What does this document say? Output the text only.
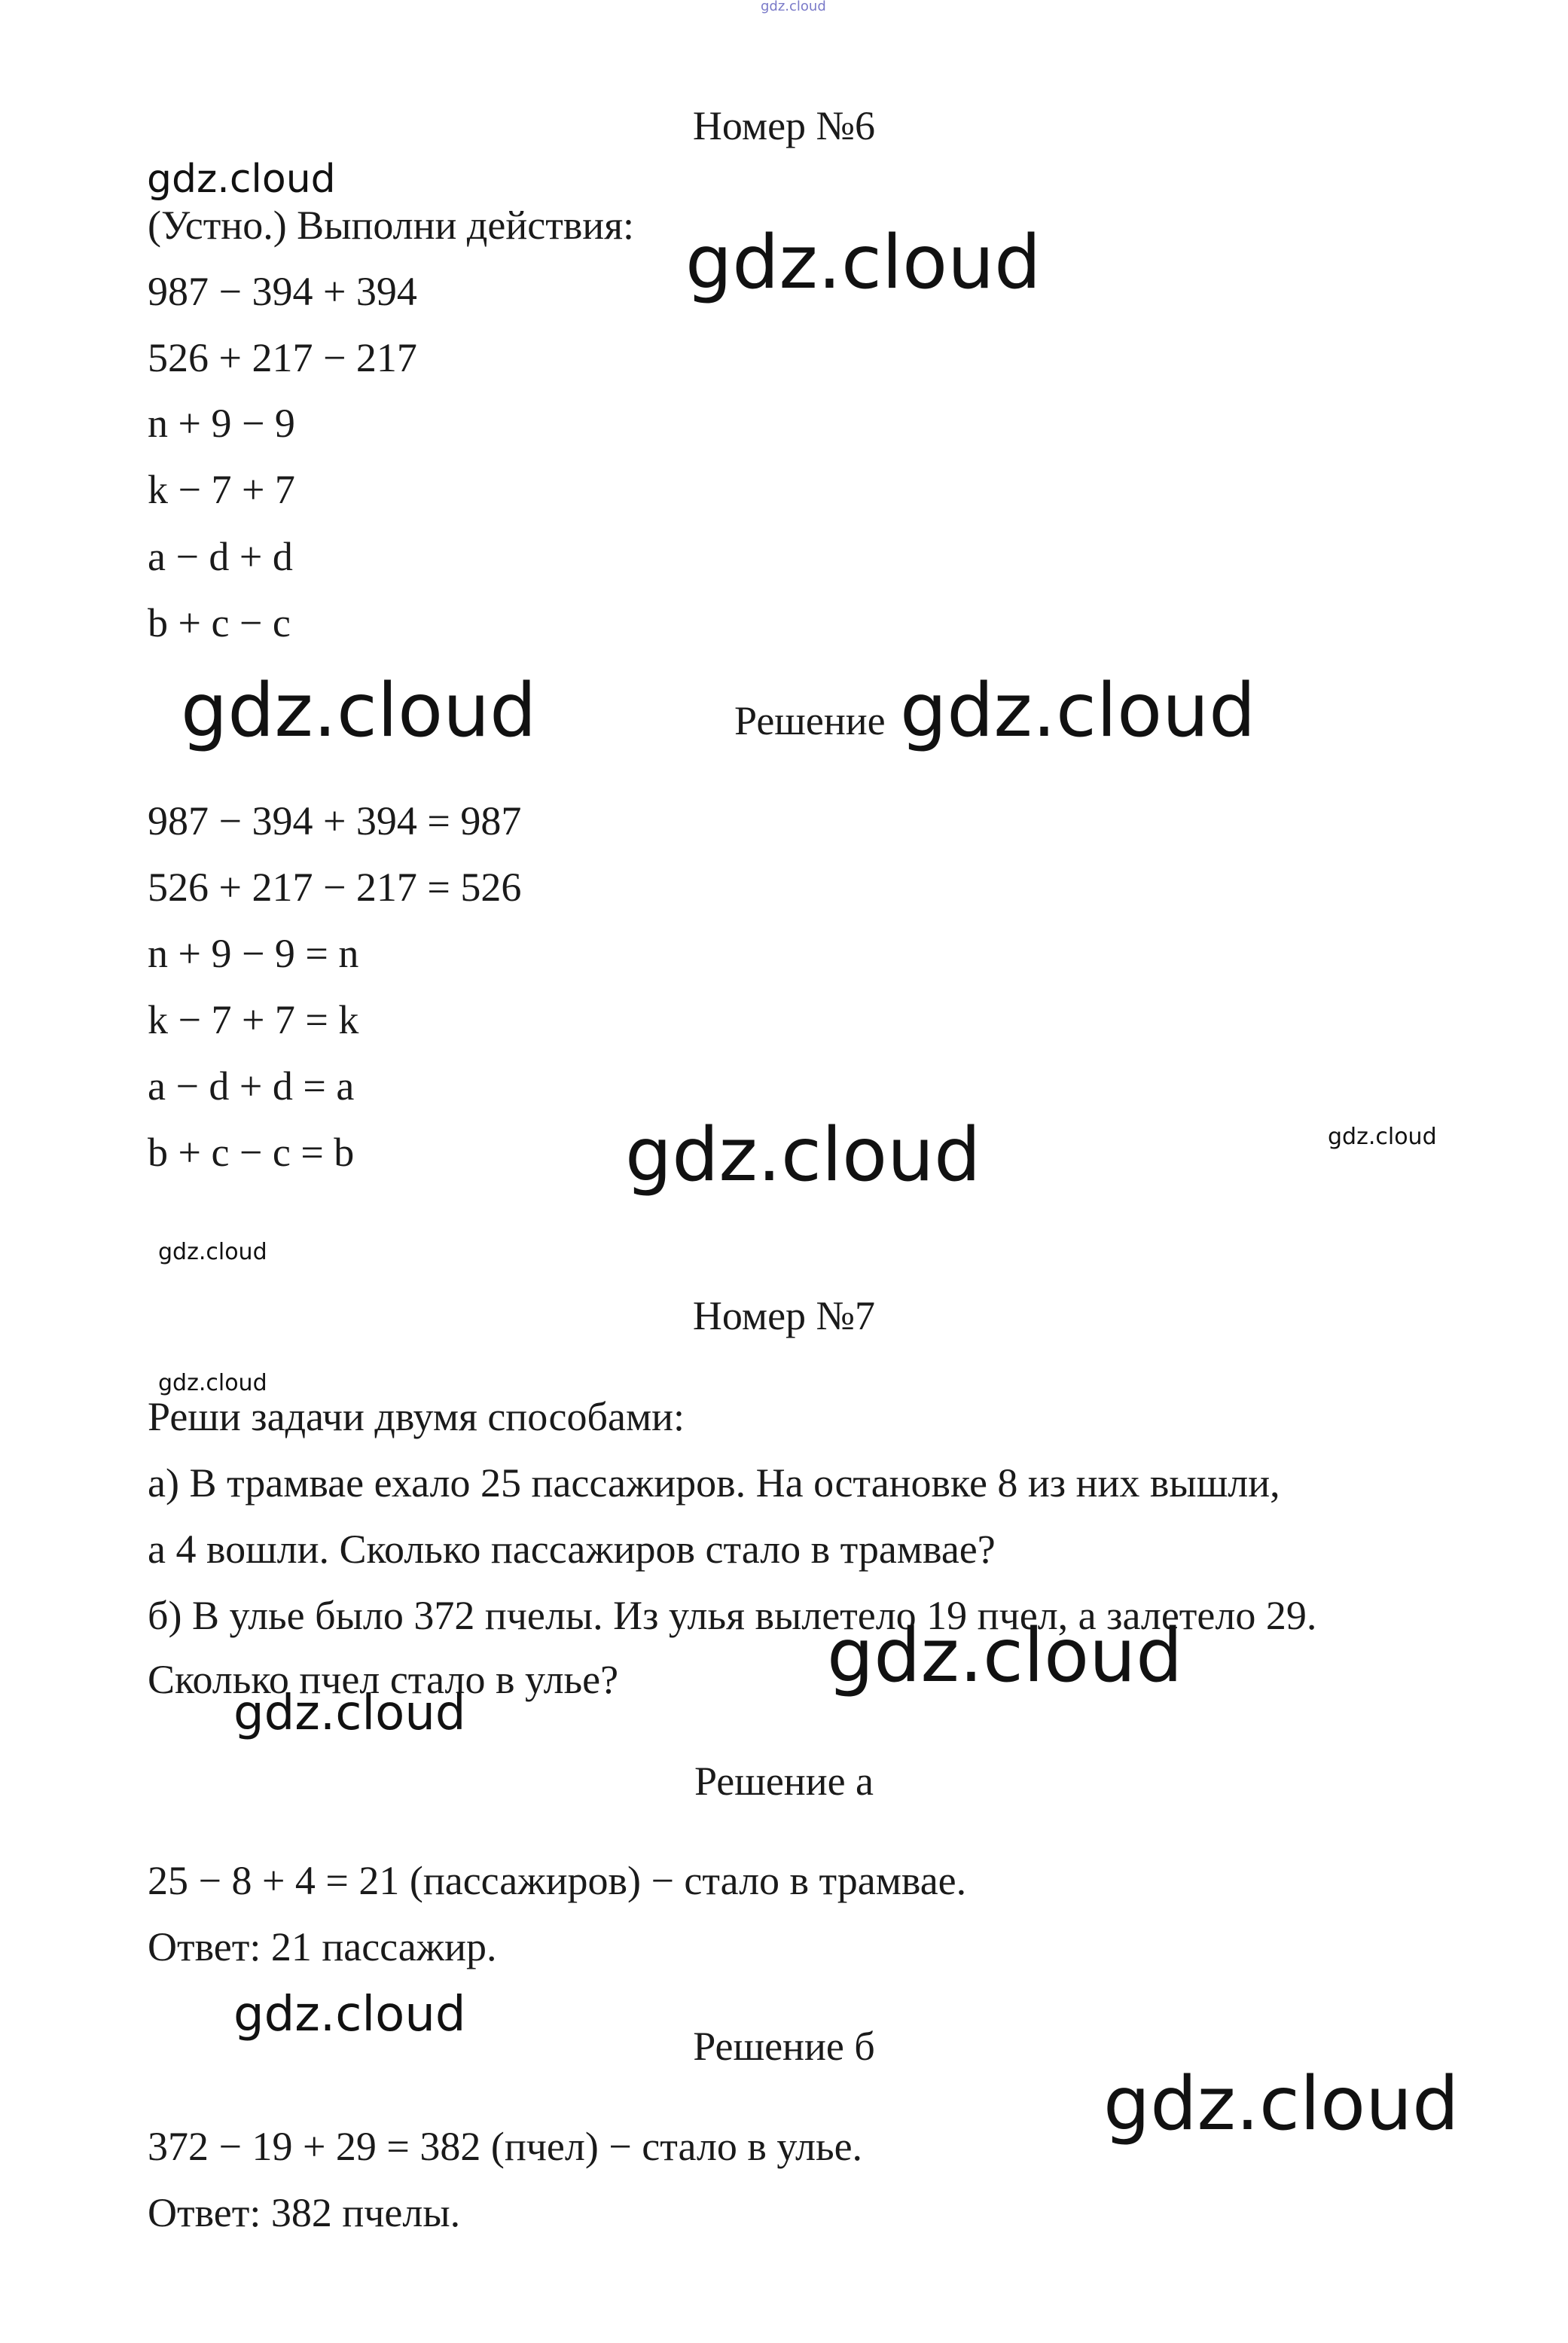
gdz.cloud
Номер №6
gdz.cloud
(Устно.) Выполни действия: gdz.cloud
987 − 394 + 394
526 + 217 − 217
n + 9 − 9
k − 7 + 7
a − d + d
b + c − c
gdz.cloud	Решение gdz.cloud
987 − 394 + 394 = 987
526 + 217 − 217 = 526
n + 9 − 9 = n
k − 7 + 7 = k
a − d + d = a
b + c − c = b	gdz.cloud	gdz.cloud
gdz.cloud
Номер №7
gdz.cloud
Реши задачи двумя способами:
а) В трамвае ехало 25 пассажиров. На остановке 8 из них вышли,
а 4 вошли. Сколько пассажиров стало в трамвае?
б) В улье было 372 пчелы. Из улья вылетело 19 пчел, а залетело 29.
Сколько пчел стало в улье?	gdz.cloud
gdz.cloud
Решение а
25 − 8 + 4 = 21 (пассажиров) − стало в трамвае.
Ответ: 21 пассажир.
gdz.cloud
Решение б
gdz.cloud
372 − 19 + 29 = 382 (пчел) − стало в улье.
Ответ: 382 пчелы.
